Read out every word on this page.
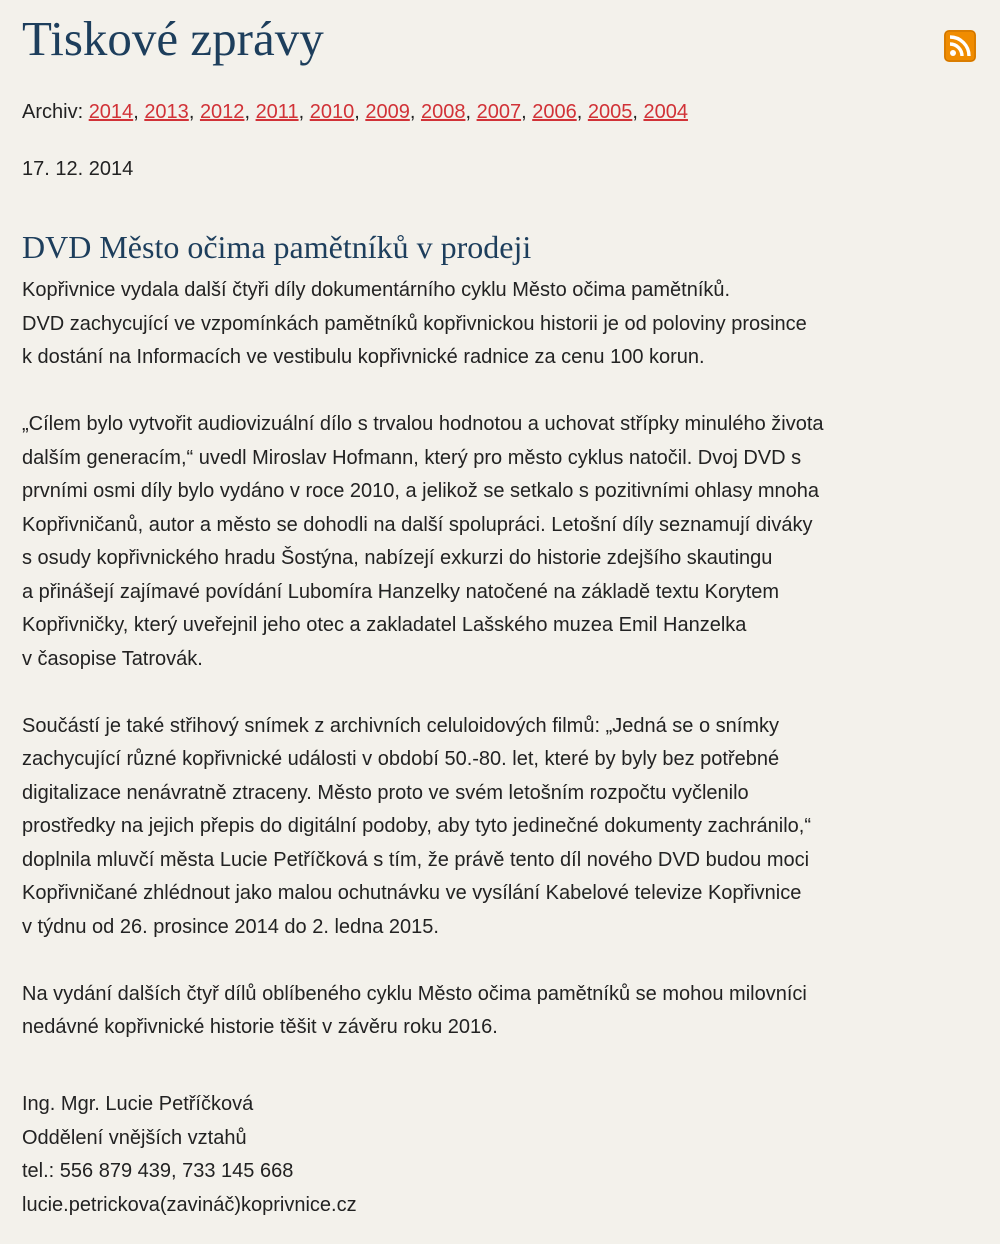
Tiskové zprávy
Archiv: 2014, 2013, 2012, 2011, 2010, 2009, 2008, 2007, 2006, 2005, 2004
17. 12. 2014
DVD Město očima pamětníků v prodeji

Kopřivnice vydala další čtyři díly dokumentárního cyklu Město očima pamětníků.
DVD zachycující ve vzpomínkách pamětníků kopřivnickou historii je od poloviny prosince
k dostání na Informacích ve vestibulu kopřivnické radnice za cenu 100 korun.

„Cílem bylo vytvořit audiovizuální dílo s trvalou hodnotou a uchovat střípky minulého života
dalším generacím,“ uvedl Miroslav Hofmann, který pro město cyklus natočil. Dvoj DVD s
prvními osmi díly bylo vydáno v roce 2010, a jelikož se setkalo s pozitivními ohlasy mnoha
Kopřivničanů, autor a město se dohodli na další spolupráci. Letošní díly seznamují diváky
s osudy kopřivnického hradu Šostýna, nabízejí exkurzi do historie zdejšího skautingu
a přinášejí zajímavé povídání Lubomíra Hanzelky natočené na základě textu Korytem
Kopřivničky, který uveřejnil jeho otec a zakladatel Lašského muzea Emil Hanzelka
v časopise Tatrovák.

Součástí je také střihový snímek z archivních celuloidových filmů: „Jedná se o snímky
zachycující různé kopřivnické události v období 50.-80. let, které by byly bez potřebné
digitalizace nenávratně ztraceny. Město proto ve svém letošním rozpočtu vyčlenilo
prostředky na jejich přepis do digitální podoby, aby tyto jedinečné dokumenty zachránilo,“
doplnila mluvčí města Lucie Petříčková s tím, že právě tento díl nového DVD budou moci
Kopřivničané zhlédnout jako malou ochutnávku ve vysílání Kabelové televize Kopřivnice
v týdnu od 26. prosince 2014 do 2. ledna 2015.

Na vydání dalších čtyř dílů oblíbeného cyklu Město očima pamětníků se mohou milovníci
nedávné kopřivnické historie těšit v závěru roku 2016.

Ing. Mgr. Lucie Petříčková
Oddělení vnějších vztahů
tel.: 556 879 439, 733 145 668
lucie.petrickova(zavináč)koprivnice.cz
